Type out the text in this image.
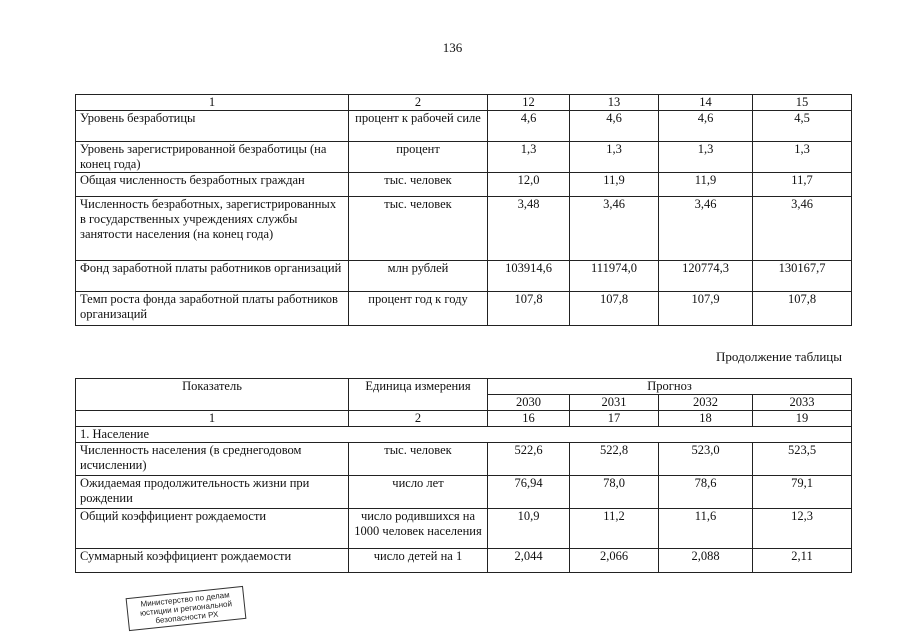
136
1	2	12	13	14	15
Уровень безработицы	процент к рабочей силе	4,6	4,6	4,6	4,5
Уровень зарегистрированной безработицы (на конец года)	процент	1,3	1,3	1,3	1,3
Общая численность безработных граждан	тыс. человек	12,0	11,9	11,9	11,7
Численность безработных, зарегистрированных в государственных учреждениях службы занятости населения (на конец года)	тыс. человек	3,48	3,46	3,46	3,46
Фонд заработной платы работников организаций	млн рублей	103914,6	111974,0	120774,3	130167,7
Темп роста фонда заработной платы работников организаций	процент год к году	107,8	107,8	107,9	107,8
Продолжение таблицы
Показатель	Единица измерения	Прогноз			
		2030	2031	2032	2033
1	2	16	17	18	19
1. Население					
Численность населения (в среднегодовом исчислении)	тыс. человек	522,6	522,8	523,0	523,5
Ожидаемая продолжительность жизни при рождении	число лет	76,94	78,0	78,6	79,1
Общий коэффициент рождаемости	число родившихся на 1000 человек населения	10,9	11,2	11,6	12,3
Суммарный коэффициент рождаемости	число детей на 1	2,044	2,066	2,088	2,11
Министерство по делам юстиции и региональной безопасности РХ
